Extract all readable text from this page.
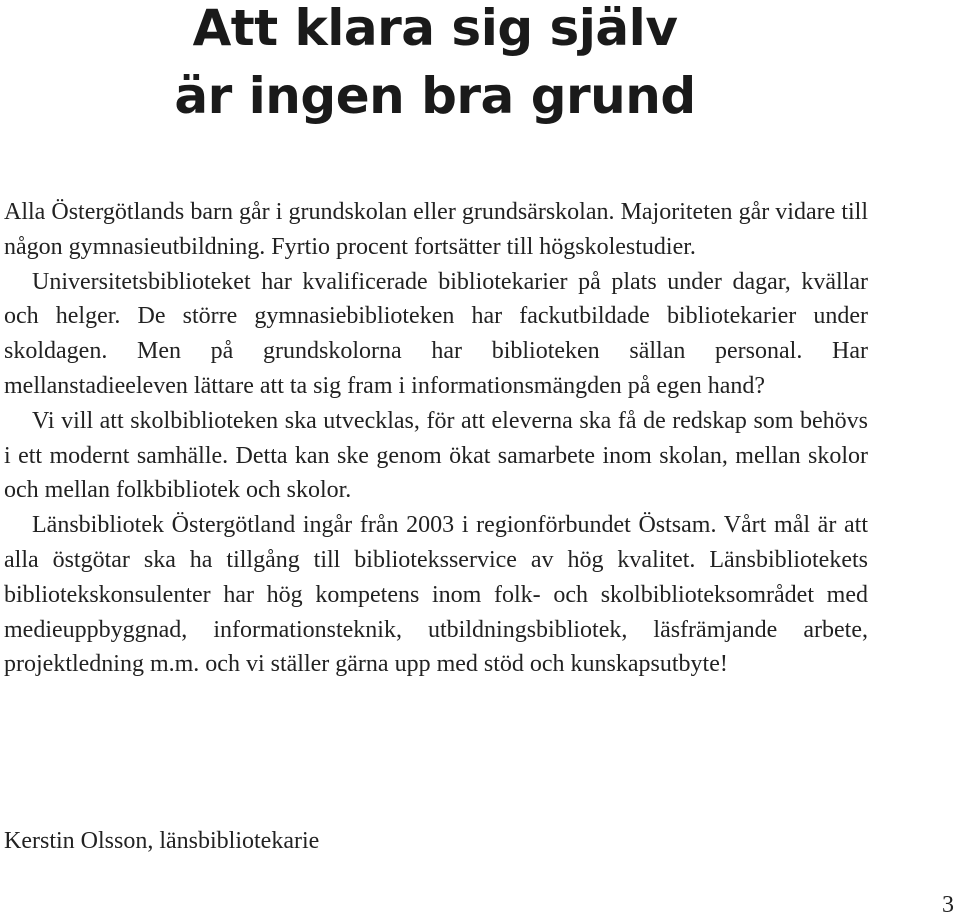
Att klara sig själv
är ingen bra grund

Alla Östergötlands barn går i grundskolan eller grundsärskolan. Majoriteten går vidare till någon gymnasieutbildning. Fyrtio procent fortsätter till högskolestudier.

Universitetsbiblioteket har kvalificerade bibliotekarier på plats under dagar, kvällar och helger. De större gymnasiebiblioteken har fackutbildade bibliotekarier under skoldagen. Men på grundskolorna har biblioteken sällan personal. Har mellanstadieeleven lättare att ta sig fram i informationsmängden på egen hand?

Vi vill att skolbiblioteken ska utvecklas, för att eleverna ska få de redskap som behövs i ett modernt samhälle. Detta kan ske genom ökat samarbete inom skolan, mellan skolor och mellan folkbibliotek och skolor.

Länsbibliotek Östergötland ingår från 2003 i regionförbundet Östsam. Vårt mål är att alla östgötar ska ha tillgång till biblioteksservice av hög kvalitet. Länsbibliotekets bibliotekskonsulenter har hög kompetens inom folk- och skolbiblioteksområdet med medieuppbyggnad, informationsteknik, utbildningsbibliotek, läsfrämjande arbete, projektledning m.m. och vi ställer gärna upp med stöd och kunskapsutbyte!

Kerstin Olsson, länsbibliotekarie

3
